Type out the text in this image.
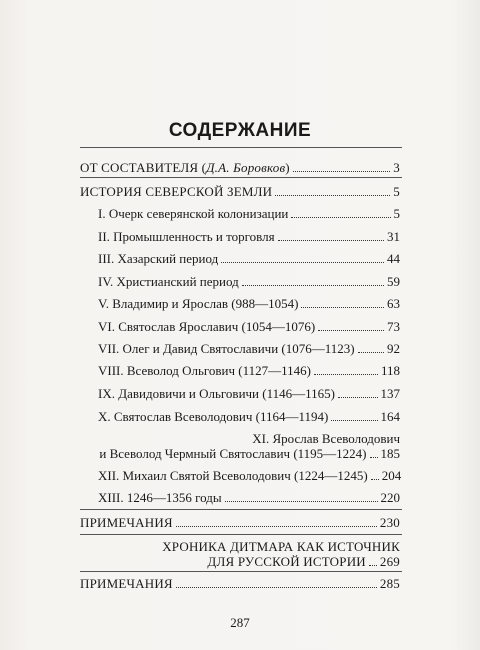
СОДЕРЖАНИЕ
ОТ СОСТАВИТЕЛЯ (Д.А. Боровков)	3
ИСТОРИЯ СЕВЕРСКОЙ ЗЕМЛИ	5
I. Очерк северянской колонизации	5
II. Промышленность и торговля	31
III. Хазарский период	44
IV. Христианский период	59
V. Владимир и Ярослав (988—1054)	63
VI. Святослав Ярославич (1054—1076)	73
VII. Олег и Давид Святославичи (1076—1123) 92
VIII. Всеволод Ольгович (1127—1146)	118
IX. Давидовичи и Ольговичи (1146—1165)	137
X. Святослав Всеволодович (1164—1194)	164
XI. Ярослав Всеволодович
и Всеволод Чермный Святославич (1195—1224) 185
XII. Михаил Святой Всеволодович (1224—1245) 204
XIII. 1246—1356 годы	220
ПРИМЕЧАНИЯ	230
ХРОНИКА ДИТМАРА КАК ИСТОЧНИК
ДЛЯ РУССКОЙ ИСТОРИИ 269
ПРИМЕЧАНИЯ	285
287
